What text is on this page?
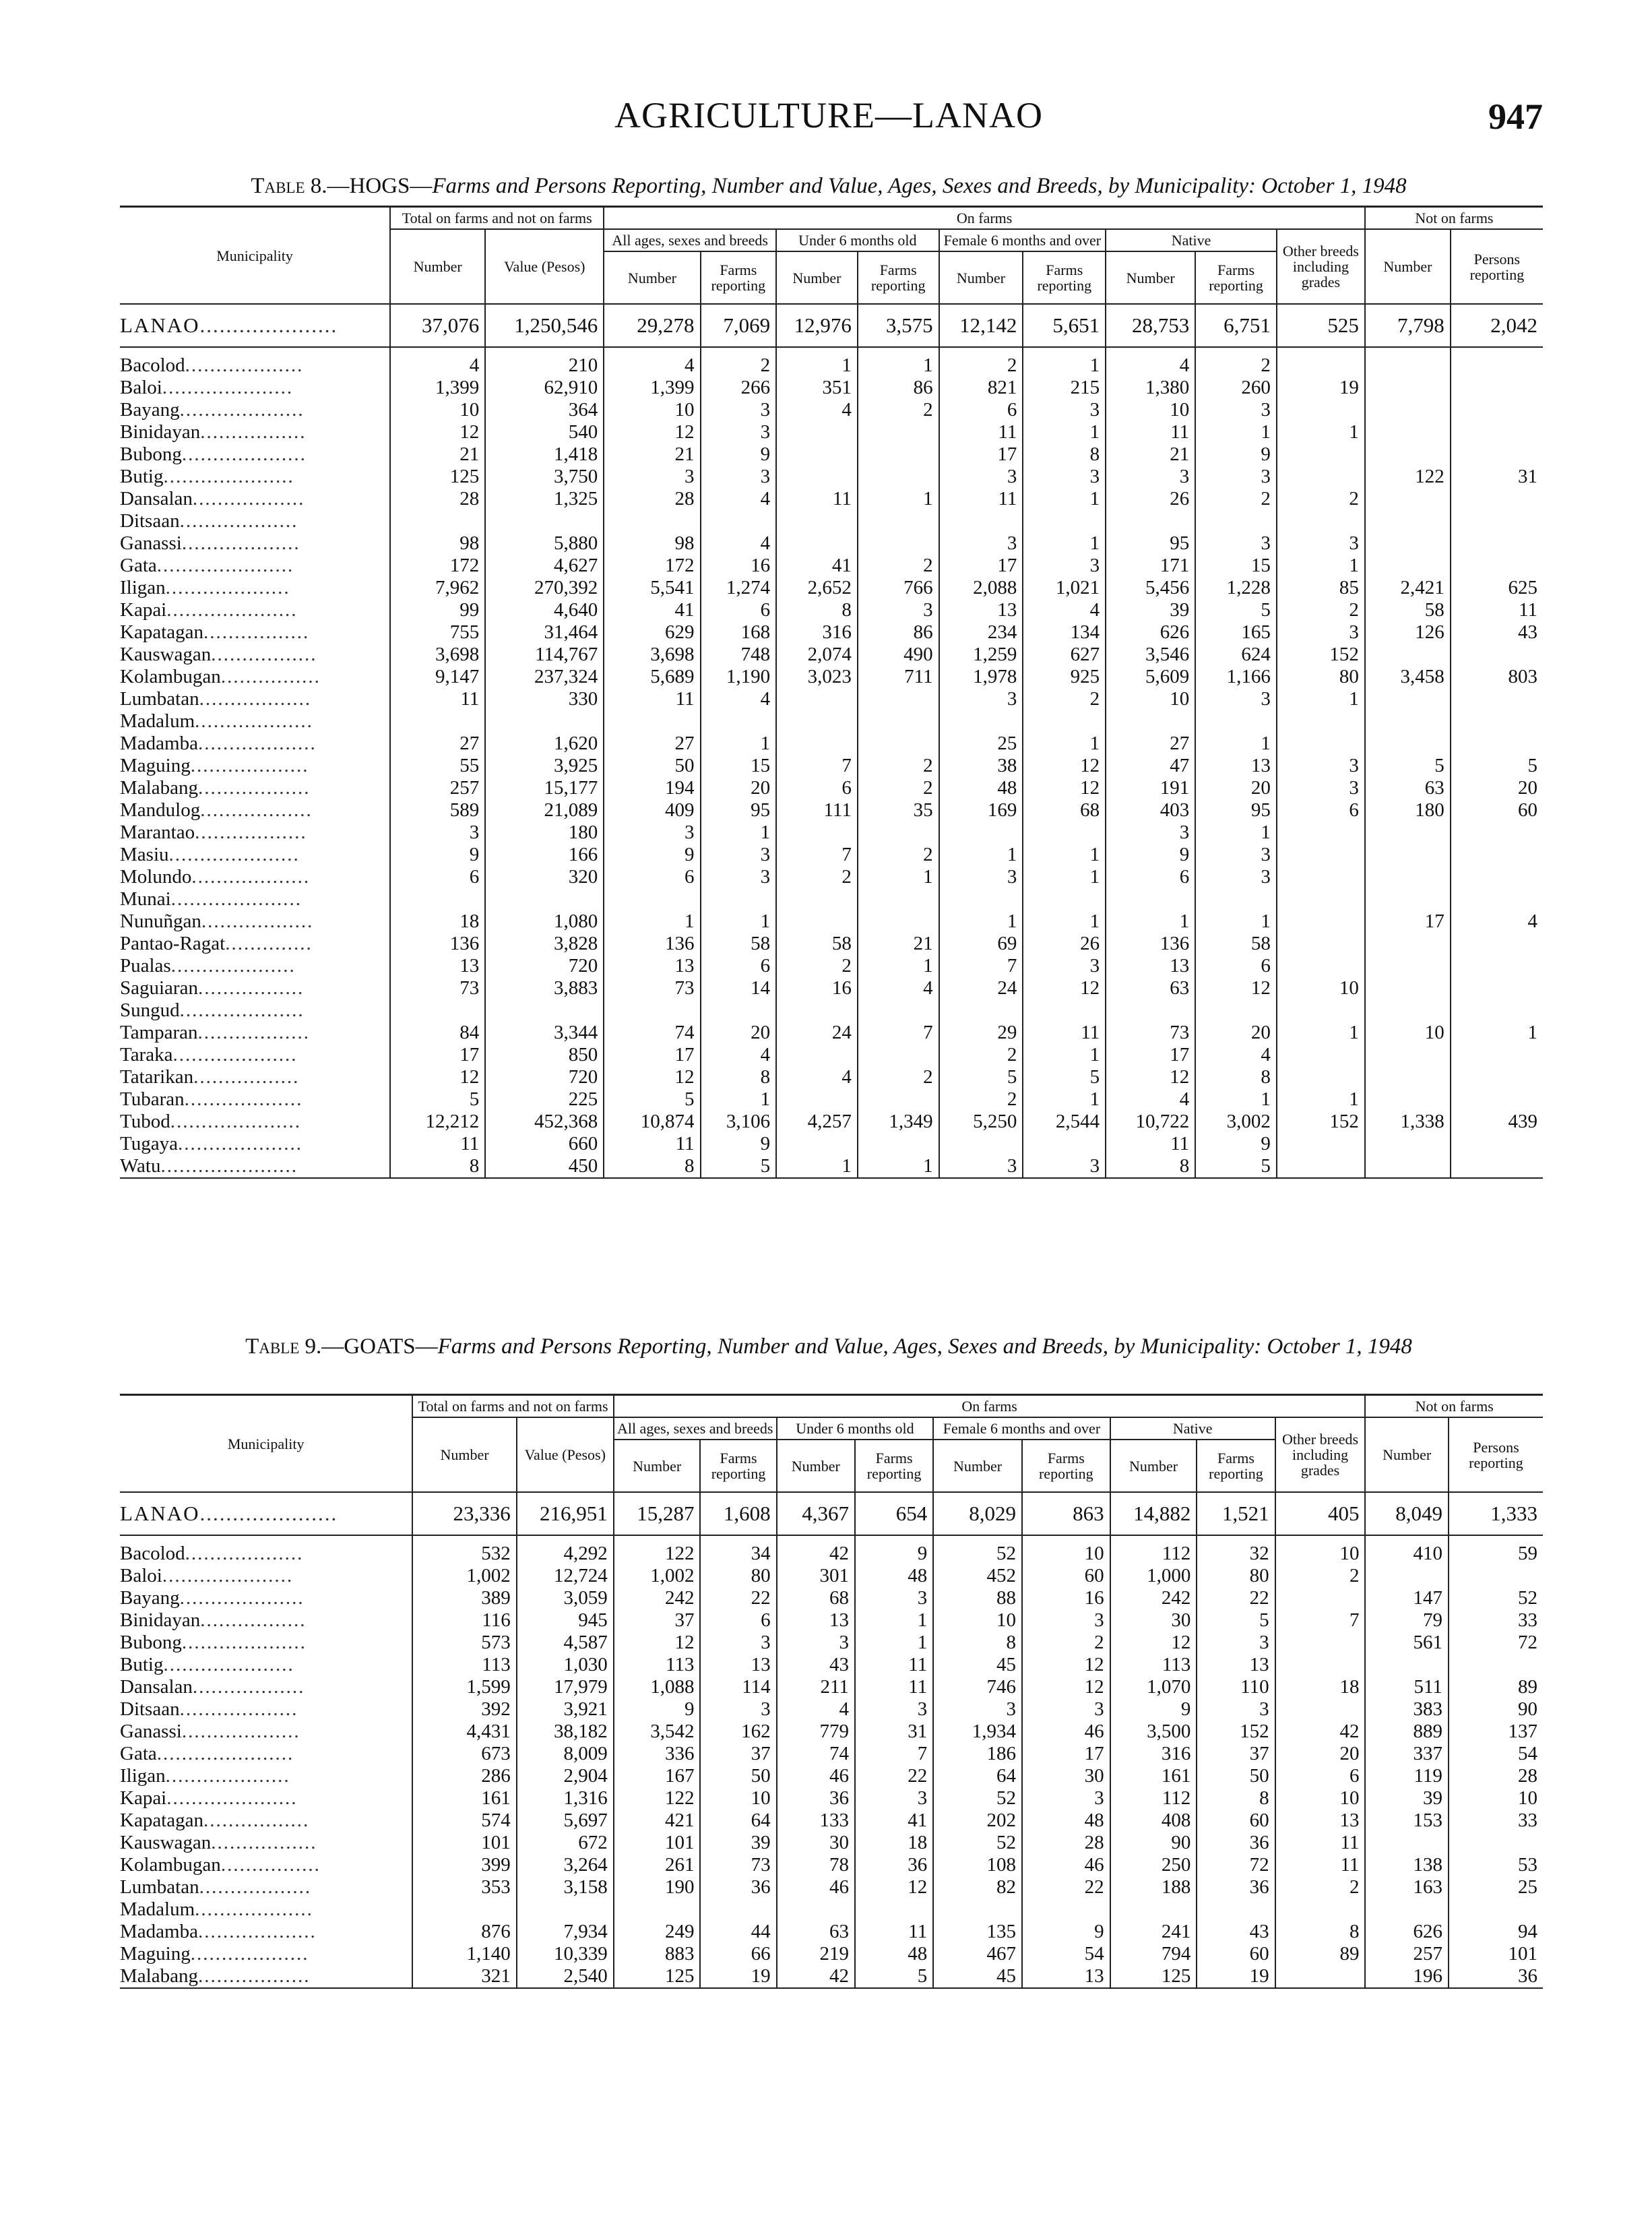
AGRICULTURE—LANAO	947
Table 8.—HOGS—Farms and Persons Reporting, Number and Value, Ages, Sexes and Breeds, by Municipality: October 1, 1948
Municipality	Total on farms and not on farms		On farms									Not on farms	
	Number	Value (Pesos)	All ages, sexes and breeds		Under 6 months old		Female 6 months and over		Native		Other breeds including grades	Number	Persons reporting
			Number	Farms reporting	Number	Farms reporting	Number	Farms reporting	Number	Farms reporting			
LANAO.....................	37,076	1,250,546	29,278	7,069	12,976	3,575	12,142	5,651	28,753	6,751	525	7,798	2,042

Bacolod...................	4	210	4	2	1	1	2	1	4	2			
Baloi.....................	1,399	62,910	1,399	266	351	86	821	215	1,380	260	19		
Bayang....................	10	364	10	3	4	2	6	3	10	3			
Binidayan.................	12	540	12	3			11	1	11	1	1		
Bubong....................	21	1,418	21	9			17	8	21	9			
Butig.....................	125	3,750	3	3			3	3	3	3		122	31
Dansalan..................	28	1,325	28	4	11	1	11	1	26	2	2		
Ditsaan...................													
Ganassi...................	98	5,880	98	4			3	1	95	3	3		
Gata......................	172	4,627	172	16	41	2	17	3	171	15	1		
Iligan....................	7,962	270,392	5,541	1,274	2,652	766	2,088	1,021	5,456	1,228	85	2,421	625
Kapai.....................	99	4,640	41	6	8	3	13	4	39	5	2	58	11
Kapatagan.................	755	31,464	629	168	316	86	234	134	626	165	3	126	43
Kauswagan.................	3,698	114,767	3,698	748	2,074	490	1,259	627	3,546	624	152		
Kolambugan................	9,147	237,324	5,689	1,190	3,023	711	1,978	925	5,609	1,166	80	3,458	803
Lumbatan..................	11	330	11	4			3	2	10	3	1		
Madalum...................													
Madamba...................	27	1,620	27	1			25	1	27	1			
Maguing...................	55	3,925	50	15	7	2	38	12	47	13	3	5	5
Malabang..................	257	15,177	194	20	6	2	48	12	191	20	3	63	20
Mandulog..................	589	21,089	409	95	111	35	169	68	403	95	6	180	60
Marantao..................	3	180	3	1					3	1			
Masiu.....................	9	166	9	3	7	2	1	1	9	3			
Molundo...................	6	320	6	3	2	1	3	1	6	3			
Munai.....................													
Nunuñgan..................	18	1,080	1	1			1	1	1	1		17	4
Pantao-Ragat..............	136	3,828	136	58	58	21	69	26	136	58			
Pualas....................	13	720	13	6	2	1	7	3	13	6			
Saguiaran.................	73	3,883	73	14	16	4	24	12	63	12	10		
Sungud....................													
Tamparan..................	84	3,344	74	20	24	7	29	11	73	20	1	10	1
Taraka....................	17	850	17	4			2	1	17	4			
Tatarikan.................	12	720	12	8	4	2	5	5	12	8			
Tubaran...................	5	225	5	1			2	1	4	1	1		
Tubod.....................	12,212	452,368	10,874	3,106	4,257	1,349	5,250	2,544	10,722	3,002	152	1,338	439
Tugaya....................	11	660	11	9					11	9			
Watu......................	8	450	8	5	1	1	3	3	8	5			
Table 9.—GOATS—Farms and Persons Reporting, Number and Value, Ages, Sexes and Breeds, by Municipality: October 1, 1948
Municipality	Total on farms and not on farms		On farms									Not on farms	
	Number	Value (Pesos)	All ages, sexes and breeds		Under 6 months old		Female 6 months and over		Native		Other breeds including grades	Number	Persons reporting
			Number	Farms reporting	Number	Farms reporting	Number	Farms reporting	Number	Farms reporting			
LANAO.....................	23,336	216,951	15,287	1,608	4,367	654	8,029	863	14,882	1,521	405	8,049	1,333

Bacolod...................	532	4,292	122	34	42	9	52	10	112	32	10	410	59
Baloi.....................	1,002	12,724	1,002	80	301	48	452	60	1,000	80	2		
Bayang....................	389	3,059	242	22	68	3	88	16	242	22		147	52
Binidayan.................	116	945	37	6	13	1	10	3	30	5	7	79	33
Bubong....................	573	4,587	12	3	3	1	8	2	12	3		561	72
Butig.....................	113	1,030	113	13	43	11	45	12	113	13			
Dansalan..................	1,599	17,979	1,088	114	211	11	746	12	1,070	110	18	511	89
Ditsaan...................	392	3,921	9	3	4	3	3	3	9	3		383	90
Ganassi...................	4,431	38,182	3,542	162	779	31	1,934	46	3,500	152	42	889	137
Gata......................	673	8,009	336	37	74	7	186	17	316	37	20	337	54
Iligan....................	286	2,904	167	50	46	22	64	30	161	50	6	119	28
Kapai.....................	161	1,316	122	10	36	3	52	3	112	8	10	39	10
Kapatagan.................	574	5,697	421	64	133	41	202	48	408	60	13	153	33
Kauswagan.................	101	672	101	39	30	18	52	28	90	36	11		
Kolambugan................	399	3,264	261	73	78	36	108	46	250	72	11	138	53
Lumbatan..................	353	3,158	190	36	46	12	82	22	188	36	2	163	25
Madalum...................													
Madamba...................	876	7,934	249	44	63	11	135	9	241	43	8	626	94
Maguing...................	1,140	10,339	883	66	219	48	467	54	794	60	89	257	101
Malabang..................	321	2,540	125	19	42	5	45	13	125	19		196	36
